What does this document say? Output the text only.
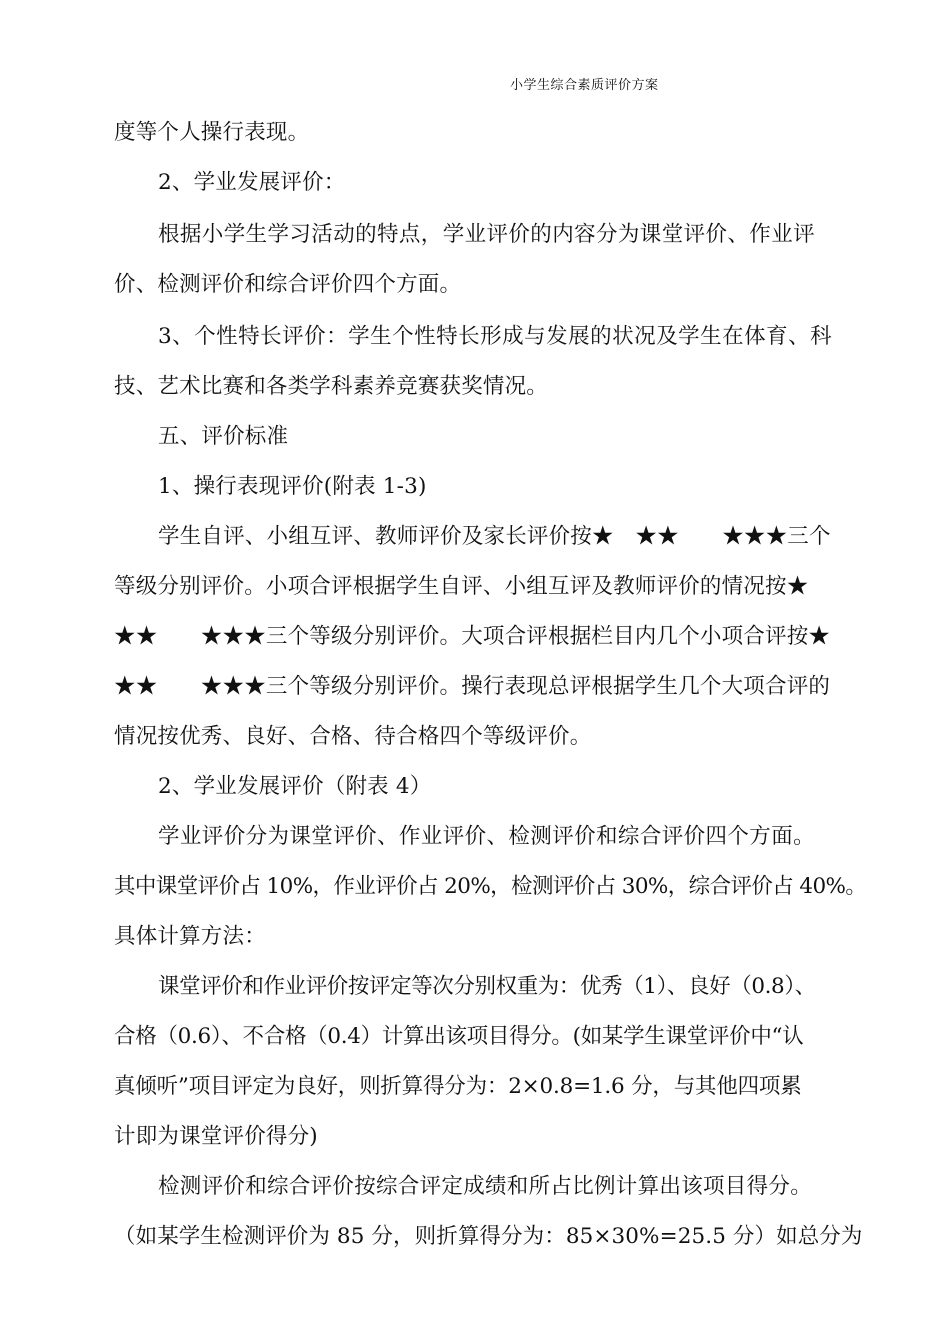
小学生综合素质评价方案
度等个人操行表现。
2、学业发展评价：
根据小学生学习活动的特点，学业评价的内容分为课堂评价、作业评
价、检测评价和综合评价四个方面。
3、个性特长评价：学生个性特长形成与发展的状况及学生在体育、科
技、艺术比赛和各类学科素养竞赛获奖情况。
五、评价标准
1、操行表现评价(附表 1-3)
学生自评、小组互评、教师评价及家长评价按★　★★　　★★★三个
等级分别评价。小项合评根据学生自评、小组互评及教师评价的情况按★
★★　　★★★三个等级分别评价。大项合评根据栏目内几个小项合评按★
★★　　★★★三个等级分别评价。操行表现总评根据学生几个大项合评的
情况按优秀、良好、合格、待合格四个等级评价。
2、学业发展评价（附表 4）
学业评价分为课堂评价、作业评价、检测评价和综合评价四个方面。
其中课堂评价占 10%，作业评价占 20%，检测评价占 30%，综合评价占 40%。
具体计算方法：
课堂评价和作业评价按评定等次分别权重为：优秀（1）、良好（0.8）、
合格（0.6）、不合格（0.4）计算出该项目得分。(如某学生课堂评价中“认
真倾听”项目评定为良好，则折算得分为：2×0.8=1.6 分，与其他四项累
计即为课堂评价得分)
检测评价和综合评价按综合评定成绩和所占比例计算出该项目得分。
（如某学生检测评价为 85 分，则折算得分为：85×30%=25.5 分）如总分为
